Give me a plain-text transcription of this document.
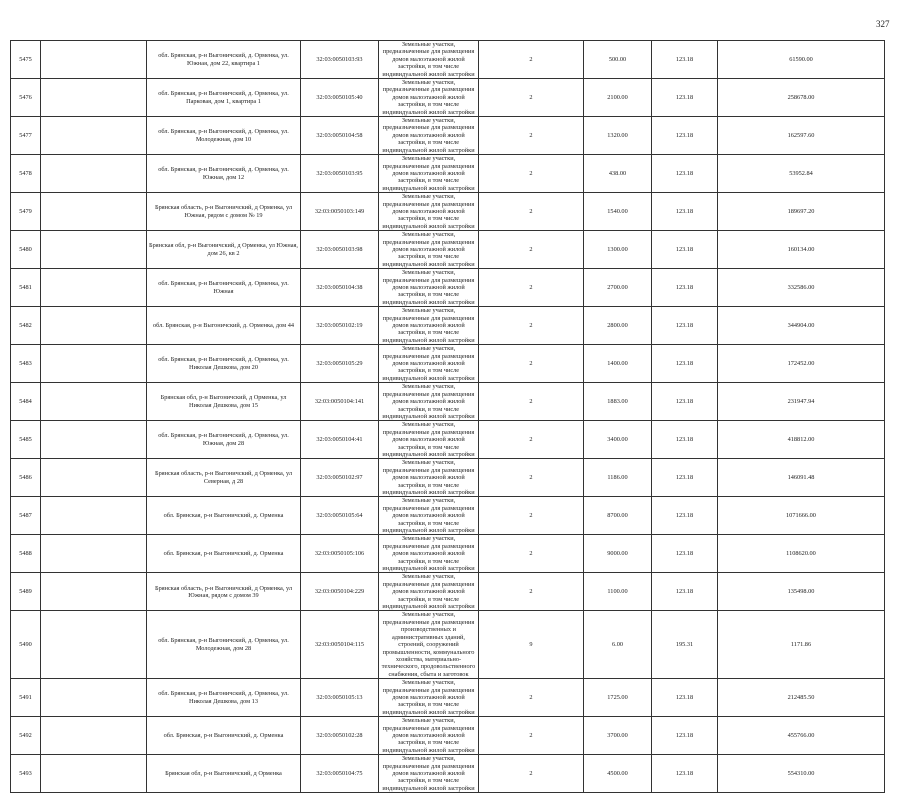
327
5475		обл. Брянская, р-н Выгоничский, д. Орменка, ул. Южная, дом 22, квартира 1	32:03:0050103:93	Земельные участки, предназначенные для размещения домов малоэтажной жилой застройки, в том числе индивидуальной жилой застройки	2	500.00	123.18	61590.00
5476		обл. Брянская, р-н Выгоничский, д. Орменка, ул. Парковая, дом 1, квартира 1	32:03:0050105:40	Земельные участки, предназначенные для размещения домов малоэтажной жилой застройки, в том числе индивидуальной жилой застройки	2	2100.00	123.18	258678.00
5477		обл. Брянская, р-н Выгоничский, д. Орменка, ул. Молодежная, дом 10	32:03:0050104:58	Земельные участки, предназначенные для размещения домов малоэтажной жилой застройки, в том числе индивидуальной жилой застройки	2	1320.00	123.18	162597.60
5478		обл. Брянская, р-н Выгоничский, д. Орменка, ул. Южная, дом 12	32:03:0050103:95	Земельные участки, предназначенные для размещения домов малоэтажной жилой застройки, в том числе индивидуальной жилой застройки	2	438.00	123.18	53952.84
5479		Брянская область, р-н Выгоничский, д Орменка, ул Южная, рядом с домом № 19	32:03:0050103:149	Земельные участки, предназначенные для размещения домов малоэтажной жилой застройки, в том числе индивидуальной жилой застройки	2	1540.00	123.18	189697.20
5480		Брянская обл, р-н Выгоничский, д Орменка, ул Южная, дом 26, кв 2	32:03:0050103:98	Земельные участки, предназначенные для размещения домов малоэтажной жилой застройки, в том числе индивидуальной жилой застройки	2	1300.00	123.18	160134.00
5481		обл. Брянская, р-н Выгоничский, д. Орменка, ул. Южная	32:03:0050104:38	Земельные участки, предназначенные для размещения домов малоэтажной жилой застройки, в том числе индивидуальной жилой застройки	2	2700.00	123.18	332586.00
5482		обл. Брянская, р-н Выгоничский, д. Орменка, дом 44	32:03:0050102:19	Земельные участки, предназначенные для размещения домов малоэтажной жилой застройки, в том числе индивидуальной жилой застройки	2	2800.00	123.18	344904.00
5483		обл. Брянская, р-н Выгоничский, д. Орменка, ул. Николая Дешкова, дом 20	32:03:0050105:29	Земельные участки, предназначенные для размещения домов малоэтажной жилой застройки, в том числе индивидуальной жилой застройки	2	1400.00	123.18	172452.00
5484		Брянская обл, р-н Выгоничский, д Орменка, ул Николая Дешкова, дом 15	32:03:0050104:141	Земельные участки, предназначенные для размещения домов малоэтажной жилой застройки, в том числе индивидуальной жилой застройки	2	1883.00	123.18	231947.94
5485		обл. Брянская, р-н Выгоничский, д. Орменка, ул. Южная, дом 28	32:03:0050104:41	Земельные участки, предназначенные для размещения домов малоэтажной жилой застройки, в том числе индивидуальной жилой застройки	2	3400.00	123.18	418812.00
5486		Брянская область, р-н Выгоничский, д Орменка, ул Северная, д 28	32:03:0050102:97	Земельные участки, предназначенные для размещения домов малоэтажной жилой застройки, в том числе индивидуальной жилой застройки	2	1186.00	123.18	146091.48
5487		обл. Брянская, р-н Выгоничский, д. Орменка	32:03:0050105:64	Земельные участки, предназначенные для размещения домов малоэтажной жилой застройки, в том числе индивидуальной жилой застройки	2	8700.00	123.18	1071666.00
5488		обл. Брянская, р-н Выгоничский, д. Орменка	32:03:0050105:106	Земельные участки, предназначенные для размещения домов малоэтажной жилой застройки, в том числе индивидуальной жилой застройки	2	9000.00	123.18	1108620.00
5489		Брянская область, р-н Выгоничский, д Орменка, ул Южная, рядом с домом 39	32:03:0050104:229	Земельные участки, предназначенные для размещения домов малоэтажной жилой застройки, в том числе индивидуальной жилой застройки	2	1100.00	123.18	135498.00
5490		обл. Брянская, р-н Выгоничский, д. Орменка, ул. Молодежная, дом 28	32:03:0050104:115	Земельные участки, предназначенные для размещения производственных и административных зданий, строений, сооружений промышленности, коммунального хозяйства, материально-технического, продовольственного снабжения, сбыта и заготовок	9	6.00	195.31	1171.86
5491		обл. Брянская, р-н Выгоничский, д. Орменка, ул. Николая Дешкова, дом 13	32:03:0050105:13	Земельные участки, предназначенные для размещения домов малоэтажной жилой застройки, в том числе индивидуальной жилой застройки	2	1725.00	123.18	212485.50
5492		обл. Брянская, р-н Выгоничский, д. Орменка	32:03:0050102:28	Земельные участки, предназначенные для размещения домов малоэтажной жилой застройки, в том числе индивидуальной жилой застройки	2	3700.00	123.18	455766.00
5493		Брянская обл, р-н Выгоничский, д Орменка	32:03:0050104:75	Земельные участки, предназначенные для размещения домов малоэтажной жилой застройки, в том числе индивидуальной жилой застройки	2	4500.00	123.18	554310.00
